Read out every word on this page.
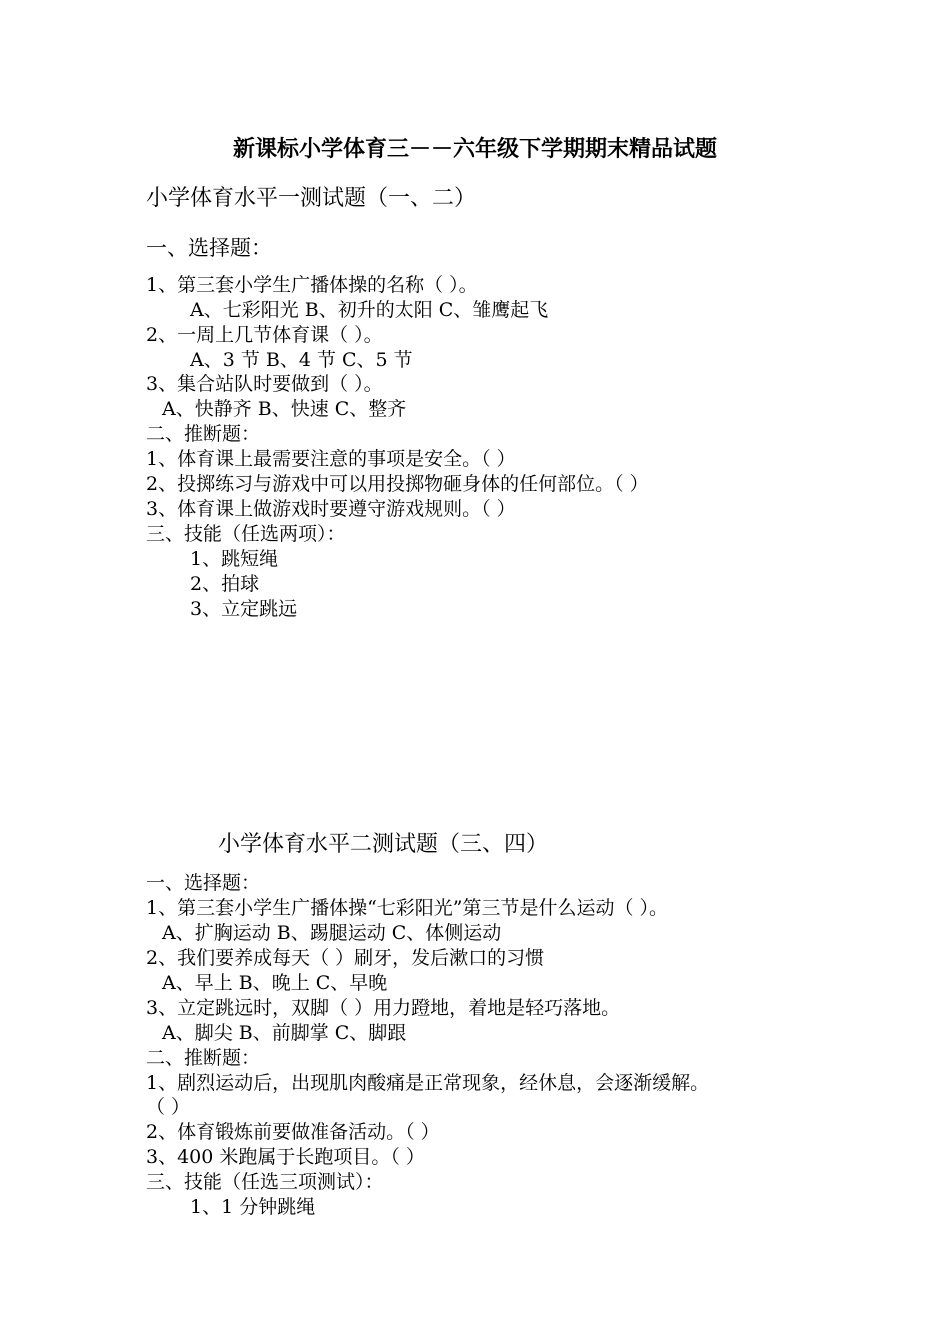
新课标小学体育三－－六年级下学期期末精品试题
小学体育水平一测试题（一、二）
一、选择题：
1、第三套小学生广播体操的名称（ ）。
A、七彩阳光 B、初升的太阳 C、雏鹰起飞
2、一周上几节体育课（ ）。
A、3 节 B、4 节 C、5 节
3、集合站队时要做到（ ）。
A、快静齐 B、快速 C、整齐
二、推断题：
1、体育课上最需要注意的事项是安全。（ ）
2、投掷练习与游戏中可以用投掷物砸身体的任何部位。（ ）
3、体育课上做游戏时要遵守游戏规则。（ ）
三、技能（任选两项）：
1、跳短绳
2、拍球
3、立定跳远
小学体育水平二测试题（三、四）
一、选择题：
1、第三套小学生广播体操“七彩阳光”第三节是什么运动（ ）。
A、扩胸运动 B、踢腿运动 C、体侧运动
2、我们要养成每天（ ）刷牙，发后漱口的习惯
A、早上 B、晚上 C、早晚
3、立定跳远时，双脚（ ）用力蹬地，着地是轻巧落地。
A、脚尖 B、前脚掌 C、脚跟
二、推断题：
1、剧烈运动后，出现肌肉酸痛是正常现象，经休息，会逐渐缓解。
（ ）
2、体育锻炼前要做准备活动。（ ）
3、400 米跑属于长跑项目。（ ）
三、技能（任选三项测试）：
1、1 分钟跳绳
